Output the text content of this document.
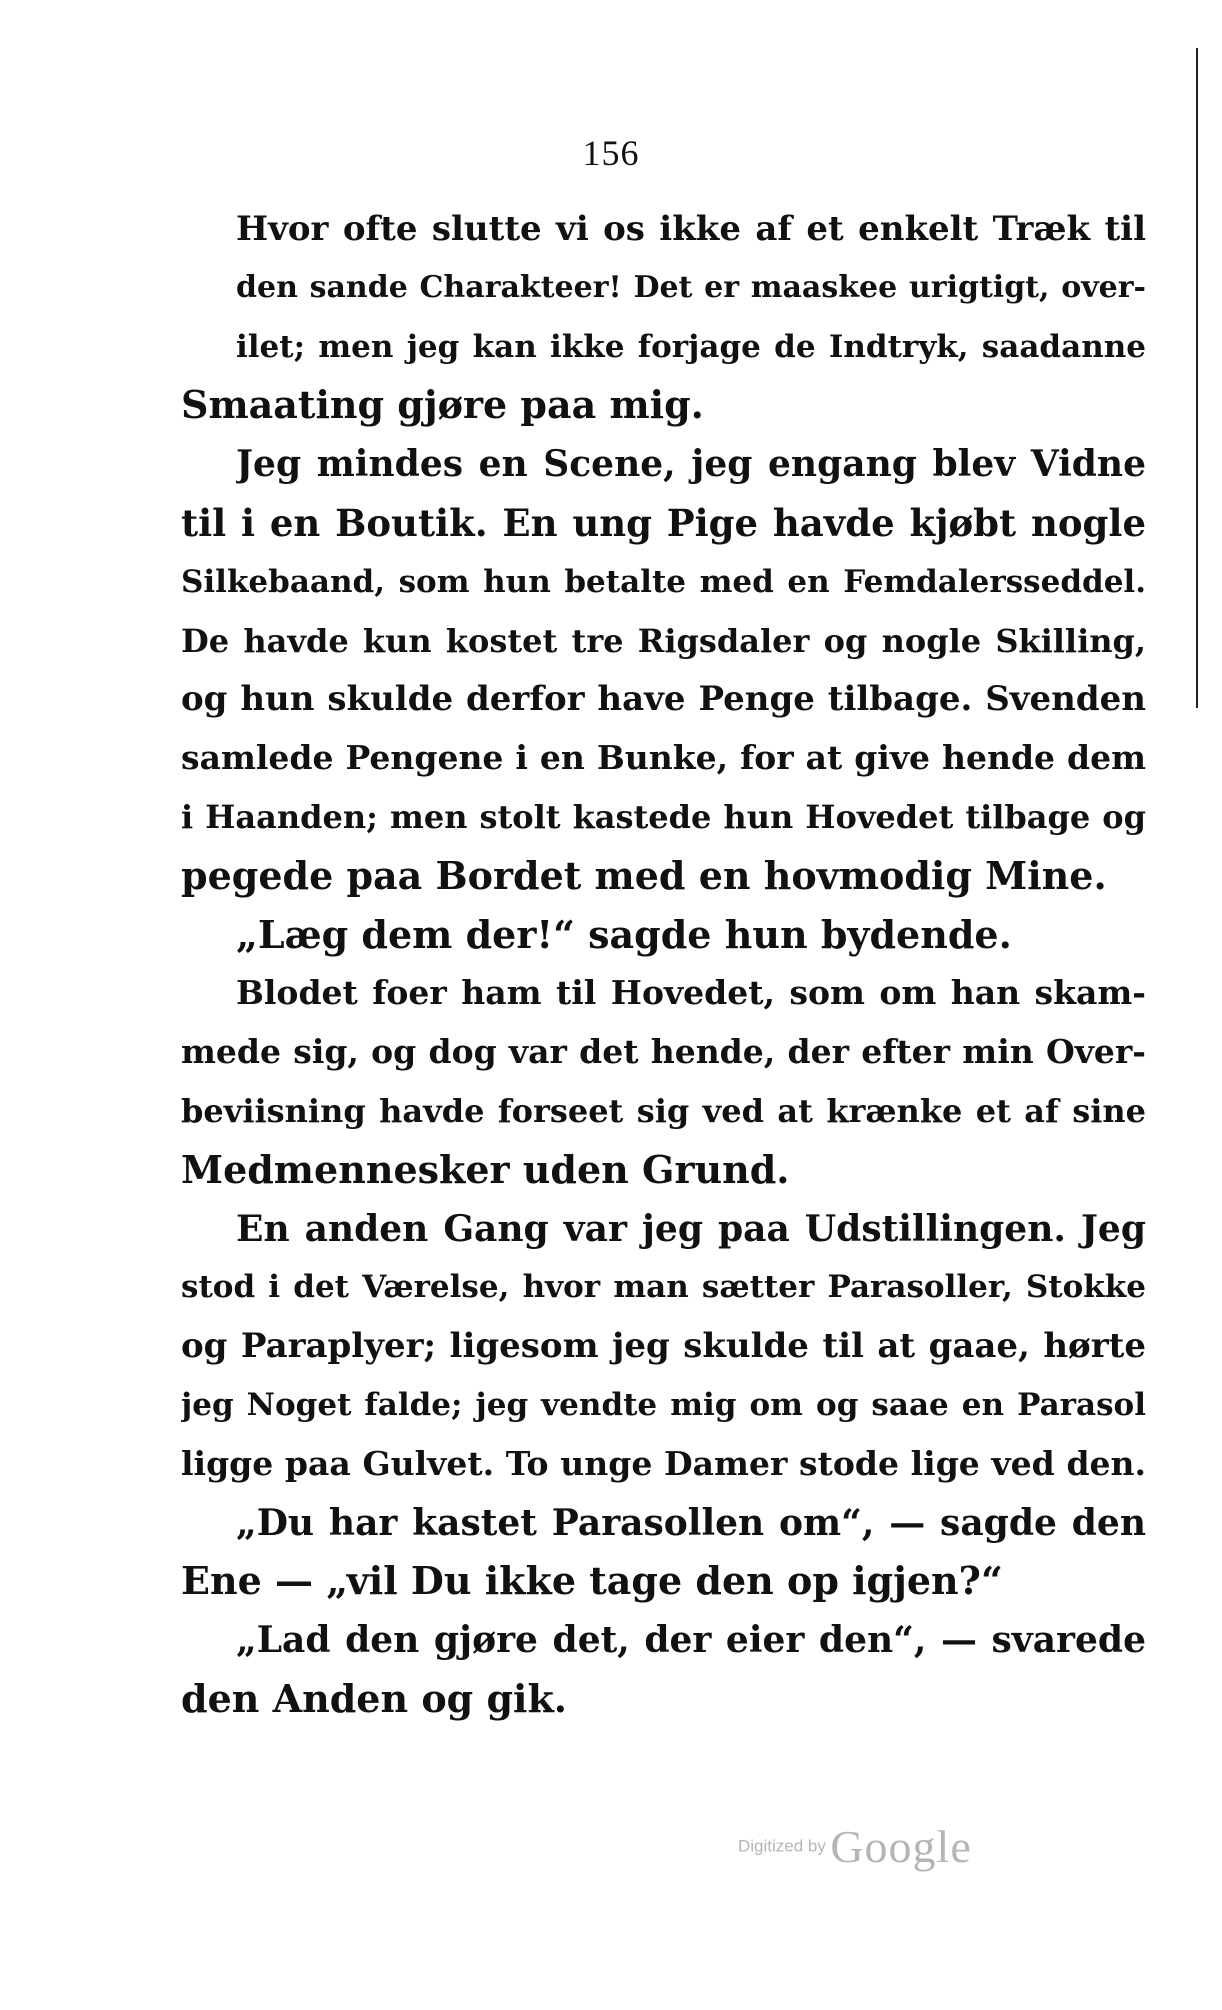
156
Hvor ofte slutte vi os ikke af et enkelt Træk til
den sande Charakteer! Det er maaskee urigtigt, over-
ilet; men jeg kan ikke forjage de Indtryk, saadanne
Smaating gjøre paa mig.
Jeg mindes en Scene, jeg engang blev Vidne
til i en Boutik. En ung Pige havde kjøbt nogle
Silkebaand, som hun betalte med en Femdalersseddel.
De havde kun kostet tre Rigsdaler og nogle Skilling,
og hun skulde derfor have Penge tilbage. Svenden
samlede Pengene i en Bunke, for at give hende dem
i Haanden; men stolt kastede hun Hovedet tilbage og
pegede paa Bordet med en hovmodig Mine.
„Læg dem der!“ sagde hun bydende.
Blodet foer ham til Hovedet, som om han skam-
mede sig, og dog var det hende, der efter min Over-
beviisning havde forseet sig ved at krænke et af sine
Medmennesker uden Grund.
En anden Gang var jeg paa Udstillingen. Jeg
stod i det Værelse, hvor man sætter Parasoller, Stokke
og Paraplyer; ligesom jeg skulde til at gaae, hørte
jeg Noget falde; jeg vendte mig om og saae en Parasol
ligge paa Gulvet. To unge Damer stode lige ved den.
„Du har kastet Parasollen om“, — sagde den
Ene — „vil Du ikke tage den op igjen?“
„Lad den gjøre det, der eier den“, — svarede
den Anden og gik.
Digitized by Google
